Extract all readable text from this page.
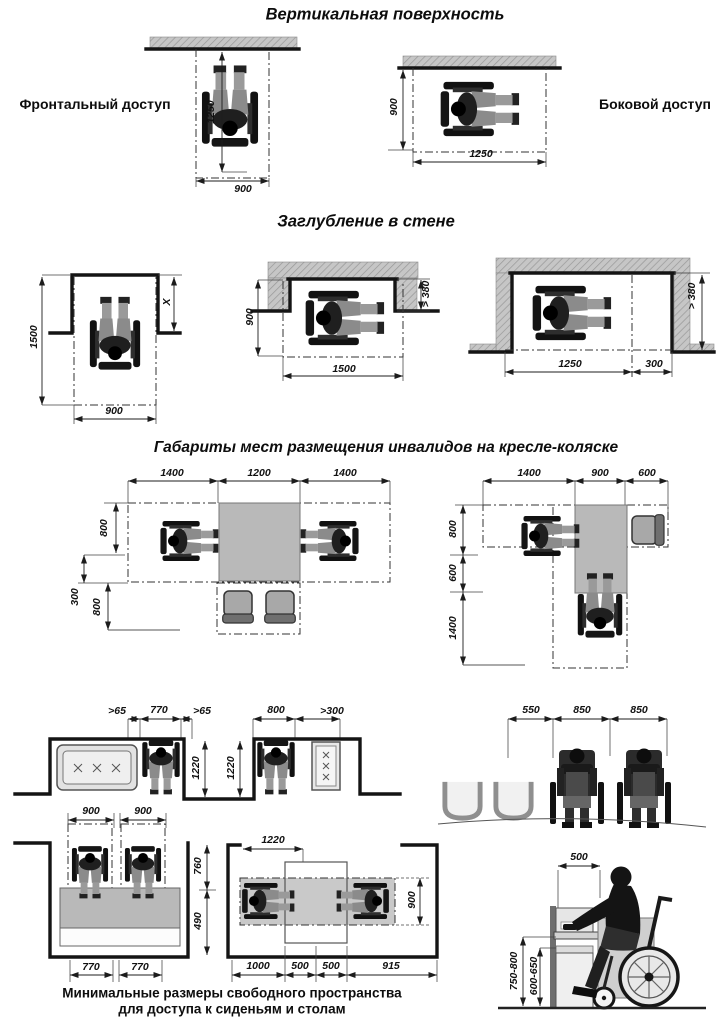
Вертикальная поверхность
Фронтальный доступ	Боковой доступ
1250
900
900
1250
Заглубление в стене
1500
X
900
900
> 380
1500	1250	300
> 380
Габариты мест размещения инвалидов на кресле-коляске
1400	1200	1400
800
300
800
1400	900	600
800
600
1400
>65 770 >65	800	>300
1220 1220
550	850	850
900	900
760
490
770	770
1220
900
1000 500 500	915
500
750-800 600-650
Минимальные размеры свободного пространства
для доступа к сиденьям и столам
